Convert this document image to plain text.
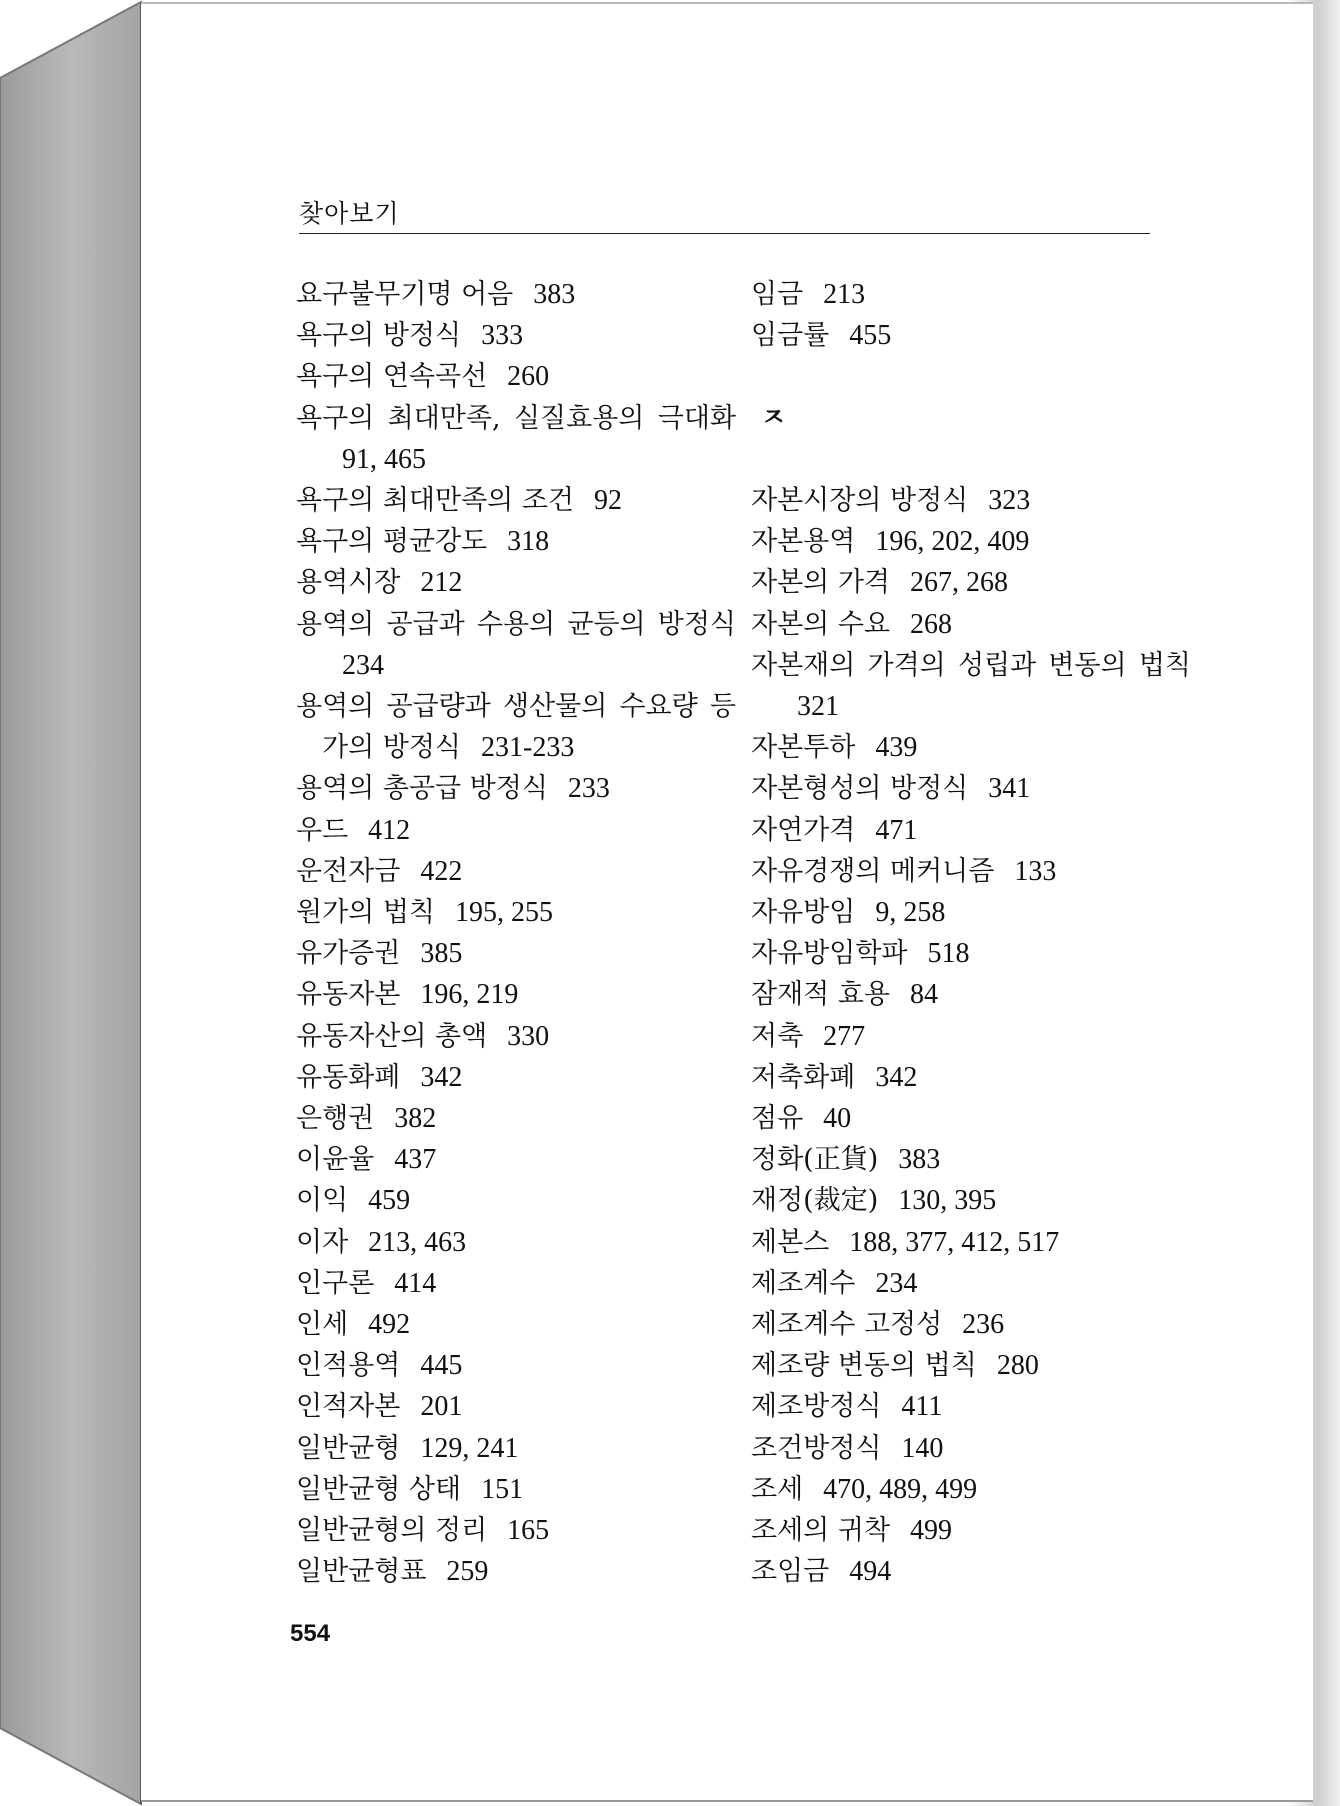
찾아보기
요구불무기명 어음 383
욕구의 방정식 333
욕구의 연속곡선 260
욕구의 최대만족, 실질효용의 극대화91, 465
욕구의 최대만족의 조건 92
욕구의 평균강도 318
용역시장 212
용역의 공급과 수용의 균등의 방정식234
용역의 공급량과 생산물의 수요량 등가의 방정식 231-233
용역의 총공급 방정식 233
우드 412
운전자금 422
원가의 법칙 195, 255
유가증권 385
유동자본 196, 219
유동자산의 총액 330
유동화폐 342
은행권 382
이윤율 437
이익 459
이자 213, 463
인구론 414
인세 492
인적용역 445
인적자본 201
일반균형 129, 241
일반균형 상태 151
일반균형의 정리 165
일반균형표 259
임금 213
임금률 455
ㅈ
자본시장의 방정식 323
자본용역 196, 202, 409
자본의 가격 267, 268
자본의 수요 268
자본재의 가격의 성립과 변동의 법칙321
자본투하 439
자본형성의 방정식 341
자연가격 471
자유경쟁의 메커니즘 133
자유방임 9, 258
자유방임학파 518
잠재적 효용 84
저축 277
저축화폐 342
점유 40
정화(正貨) 383
재정(裁定) 130, 395
제본스 188, 377, 412, 517
제조계수 234
제조계수 고정성 236
제조량 변동의 법칙 280
제조방정식 411
조건방정식 140
조세 470, 489, 499
조세의 귀착 499
조임금 494
554
